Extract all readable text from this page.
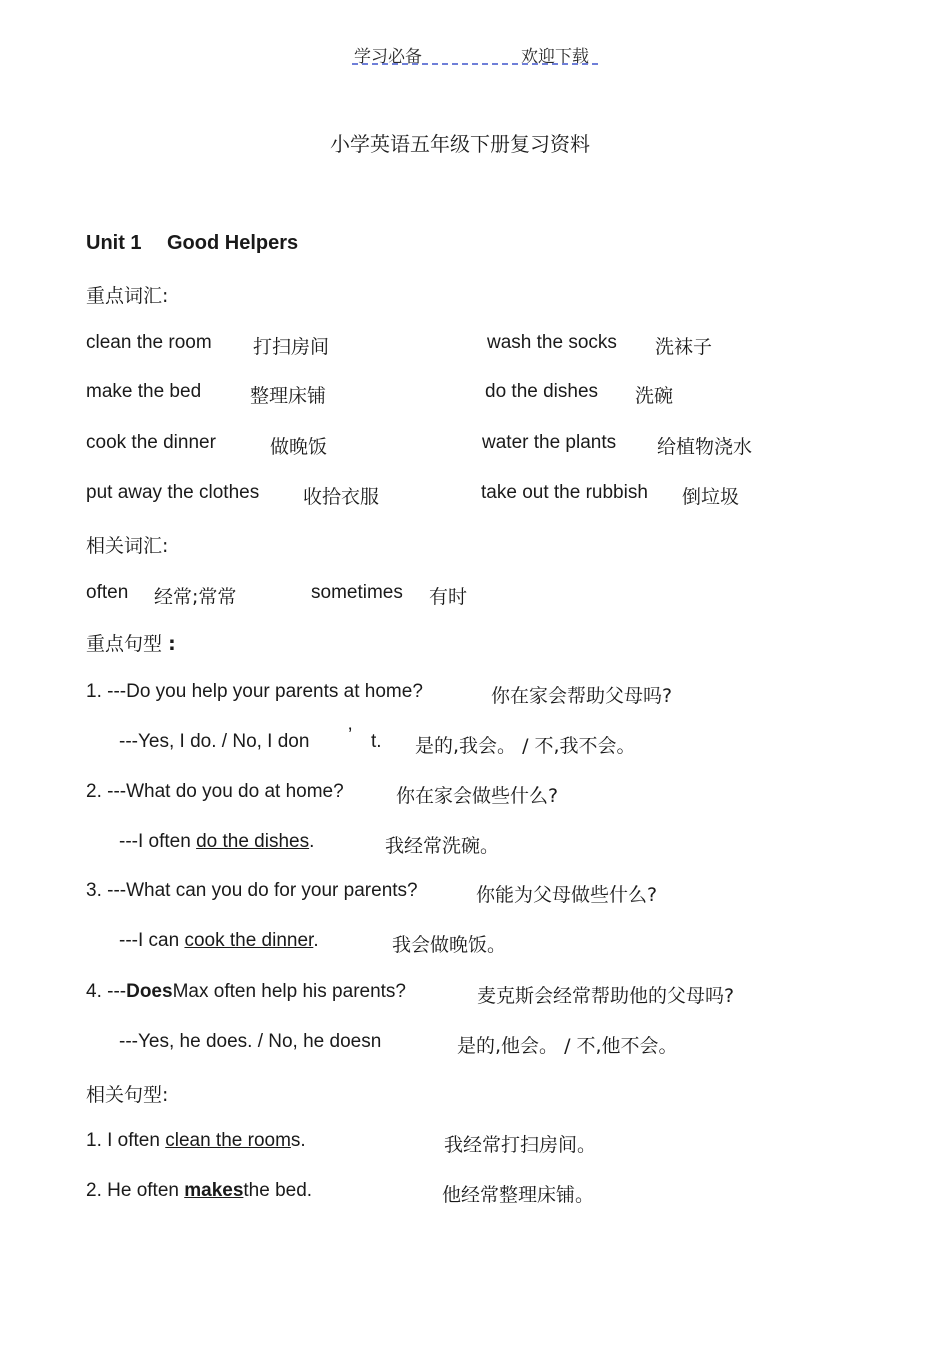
学习必备	欢迎下载
小学英语五年级下册复习资料
Unit 1 Good Helpers
重点词汇:
clean the room 打扫房间	wash the socks 洗袜子
make the bed	整理床铺	do the dishes 洗碗
cook the dinner	做晚饭	water the plants 给植物浇水
put away the clothes 收拾衣服	take out the rubbish 倒垃圾
相关词汇:
often 经常;常常	sometimes 有时
重点句型 :
1. ---Do you help your parents at home?	你在家会帮助父母吗?
---Yes, I do. / No, I don ’ t. 是的,我会。 / 不,我不会。
2. ---What do you do at home?	你在家会做些什么?
---I often do the dishes.	我经常洗碗。
3. ---What can you do for your parents?	你能为父母做些什么?
---I can cook the dinner.	我会做晚饭。
4. ---DoesMax often help his parents?	麦克斯会经常帮助他的父母吗?
---Yes, he does. / No, he doesn	是的,他会。 / 不,他不会。
相关句型:
1. I often clean the rooms.	我经常打扫房间。
2. He often makesthe bed.	他经常整理床铺。
